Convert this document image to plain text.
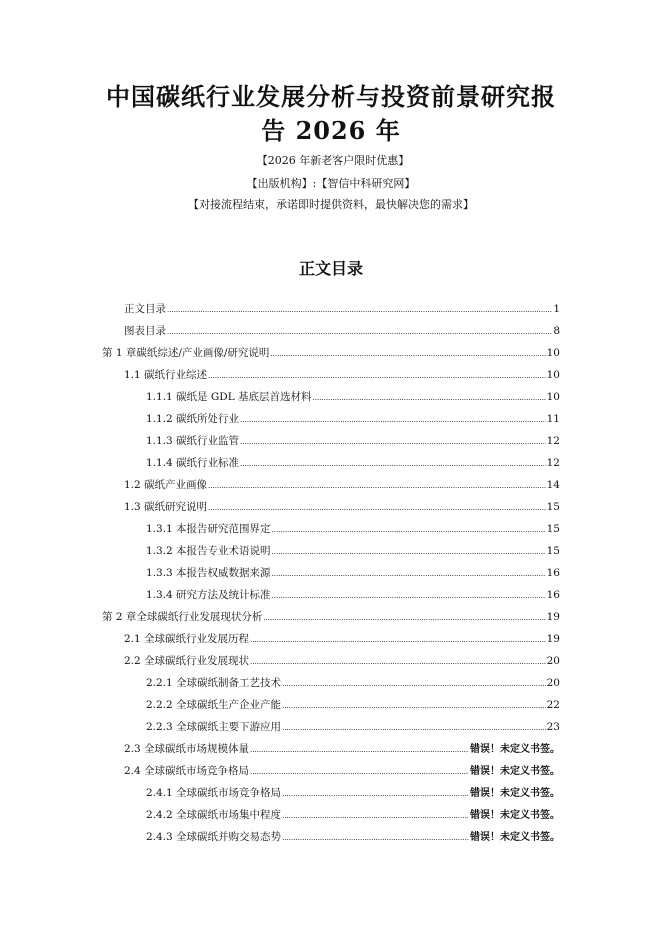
中国碳纸行业发展分析与投资前景研究报
告 2026 年
【2026 年新老客户限时优惠】
【出版机构】:【智信中科研究网】
【对接流程结束，承诺即时提供资料，最快解决您的需求】
正文目录
正文目录 .....	1
图表目录 .....	8
第 1 章碳纸综述/产业画像/研究说明 .....	10
1.1 碳纸行业综述 .....	10
1.1.1 碳纸是 GDL 基底层首选材料 .....	10
1.1.2 碳纸所处行业 .....	11
1.1.3 碳纸行业监管 .....	12
1.1.4 碳纸行业标准 .....	12
1.2 碳纸产业画像 .....	14
1.3 碳纸研究说明 .....	15
1.3.1 本报告研究范围界定 .....	15
1.3.2 本报告专业术语说明 .....	15
1.3.3 本报告权威数据来源 .....	16
1.3.4 研究方法及统计标准 .....	16
第 2 章全球碳纸行业发展现状分析 .....	19
2.1 全球碳纸行业发展历程 .....	19
2.2 全球碳纸行业发展现状 .....	20
2.2.1 全球碳纸制备工艺技术 .....	20
2.2.2 全球碳纸生产企业产能 .....	22
2.2.3 全球碳纸主要下游应用 .....	23
2.3 全球碳纸市场规模体量 .....	错误！未定义书签。
2.4 全球碳纸市场竞争格局 .....	错误！未定义书签。
2.4.1 全球碳纸市场竞争格局 .....	错误！未定义书签。
2.4.2 全球碳纸市场集中程度 .....	错误！未定义书签。
2.4.3 全球碳纸并购交易态势 .....	错误！未定义书签。
